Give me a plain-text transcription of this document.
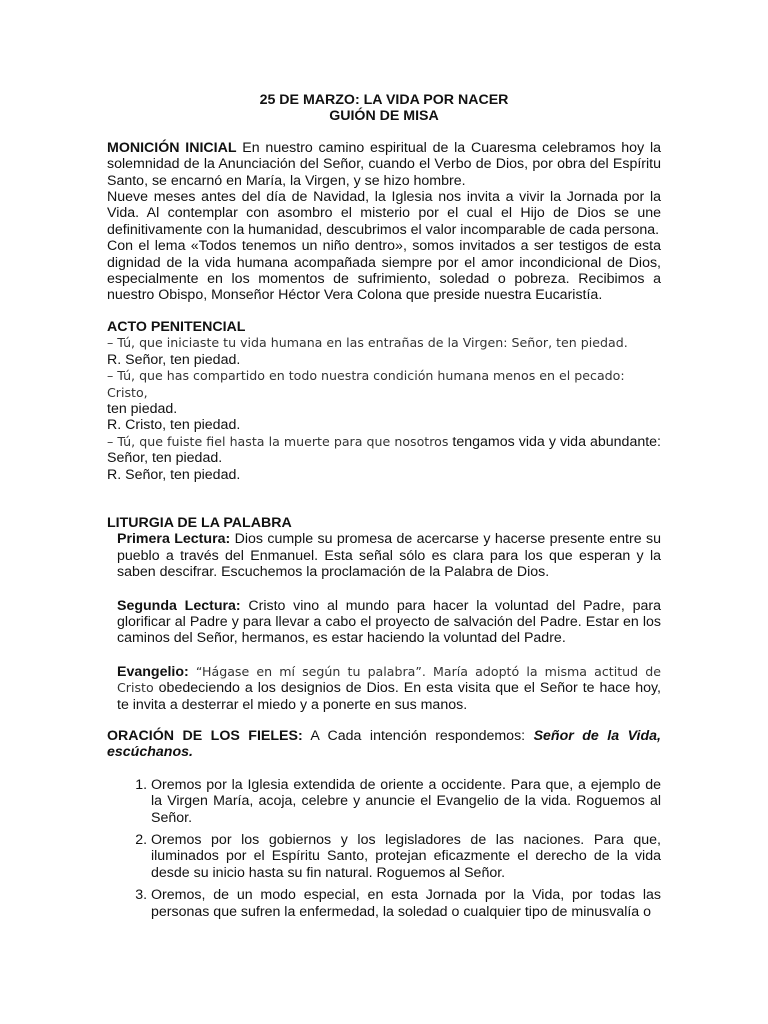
25 DE MARZO: LA VIDA POR NACER
GUIÓN DE MISA

MONICIÓN INICIAL En nuestro camino espiritual de la Cuaresma celebramos hoy la solemnidad de la Anunciación del Señor, cuando el Verbo de Dios, por obra del Espíritu Santo, se encarnó en María, la Virgen, y se hizo hombre.

Nueve meses antes del día de Navidad, la Iglesia nos invita a vivir la Jornada por la Vida. Al contemplar con asombro el misterio por el cual el Hijo de Dios se une definitivamente con la humanidad, descubrimos el valor incomparable de cada persona.

Con el lema «Todos tenemos un niño dentro», somos invitados a ser testigos de esta dignidad de la vida humana acompañada siempre por el amor incondicional de Dios, especialmente en los momentos de sufrimiento, soledad o pobreza. Recibimos a nuestro Obispo, Monseñor Héctor Vera Colona que preside nuestra Eucaristía.

ACTO PENITENCIAL
– Tú, que iniciaste tu vida humana en las entrañas de la Virgen: Señor, ten piedad.
R. Señor, ten piedad.
– Tú, que has compartido en todo nuestra condición humana menos en el pecado: Cristo,
ten piedad.
R. Cristo, ten piedad.

– Tú, que fuiste fiel hasta la muerte para que nosotros tengamos vida y vida abundante: Señor, ten piedad.

R. Señor, ten piedad.
LITURGIA DE LA PALABRA

Primera Lectura: Dios cumple su promesa de acercarse y hacerse presente entre su pueblo a través del Enmanuel. Esta señal sólo es clara para los que esperan y la saben descifrar. Escuchemos la proclamación de la Palabra de Dios.

Segunda Lectura: Cristo vino al mundo para hacer la voluntad del Padre, para glorificar al Padre y para llevar a cabo el proyecto de salvación del Padre. Estar en los caminos del Señor, hermanos, es estar haciendo la voluntad del Padre.

Evangelio: “Hágase en mí según tu palabra”. María adoptó la misma actitud de Cristo obedeciendo a los designios de Dios. En esta visita que el Señor te hace hoy, te invita a desterrar el miedo y a ponerte en sus manos.

ORACIÓN DE LOS FIELES: A Cada intención respondemos: Señor de la Vida, escúchanos.

1. Oremos por la Iglesia extendida de oriente a occidente. Para que, a ejemplo de la Virgen María, acoja, celebre y anuncie el Evangelio de la vida. Roguemos al Señor.
2. Oremos por los gobiernos y los legisladores de las naciones. Para que, iluminados por el Espíritu Santo, protejan eficazmente el derecho de la vida desde su inicio hasta su fin natural. Roguemos al Señor.
3. Oremos, de un modo especial, en esta Jornada por la Vida, por todas las personas que sufren la enfermedad, la soledad o cualquier tipo de minusvalía o
